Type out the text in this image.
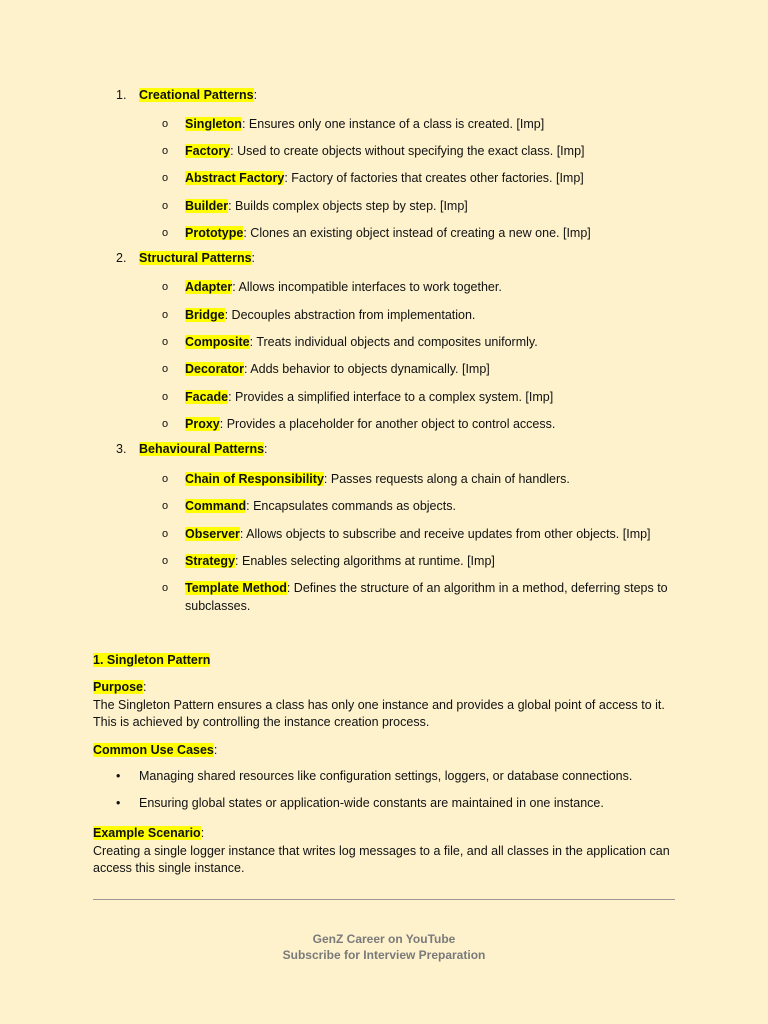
1. Creational Patterns:
o Singleton: Ensures only one instance of a class is created. [Imp]
o Factory: Used to create objects without specifying the exact class. [Imp]
o Abstract Factory: Factory of factories that creates other factories. [Imp]
o Builder: Builds complex objects step by step. [Imp]
o Prototype: Clones an existing object instead of creating a new one. [Imp]
2. Structural Patterns:
o Adapter: Allows incompatible interfaces to work together.
o Bridge: Decouples abstraction from implementation.
o Composite: Treats individual objects and composites uniformly.
o Decorator: Adds behavior to objects dynamically. [Imp]
o Facade: Provides a simplified interface to a complex system. [Imp]
o Proxy: Provides a placeholder for another object to control access.
3. Behavioural Patterns:
o Chain of Responsibility: Passes requests along a chain of handlers.
o Command: Encapsulates commands as objects.
o Observer: Allows objects to subscribe and receive updates from other objects. [Imp]
o Strategy: Enables selecting algorithms at runtime. [Imp]
o Template Method: Defines the structure of an algorithm in a method, deferring steps to subclasses.
1. Singleton Pattern
Purpose:
The Singleton Pattern ensures a class has only one instance and provides a global point of access to it. This is achieved by controlling the instance creation process.
Common Use Cases:
• Managing shared resources like configuration settings, loggers, or database connections.
• Ensuring global states or application-wide constants are maintained in one instance.
Example Scenario:
Creating a single logger instance that writes log messages to a file, and all classes in the application can access this single instance.
GenZ Career on YouTube
Subscribe for Interview Preparation
